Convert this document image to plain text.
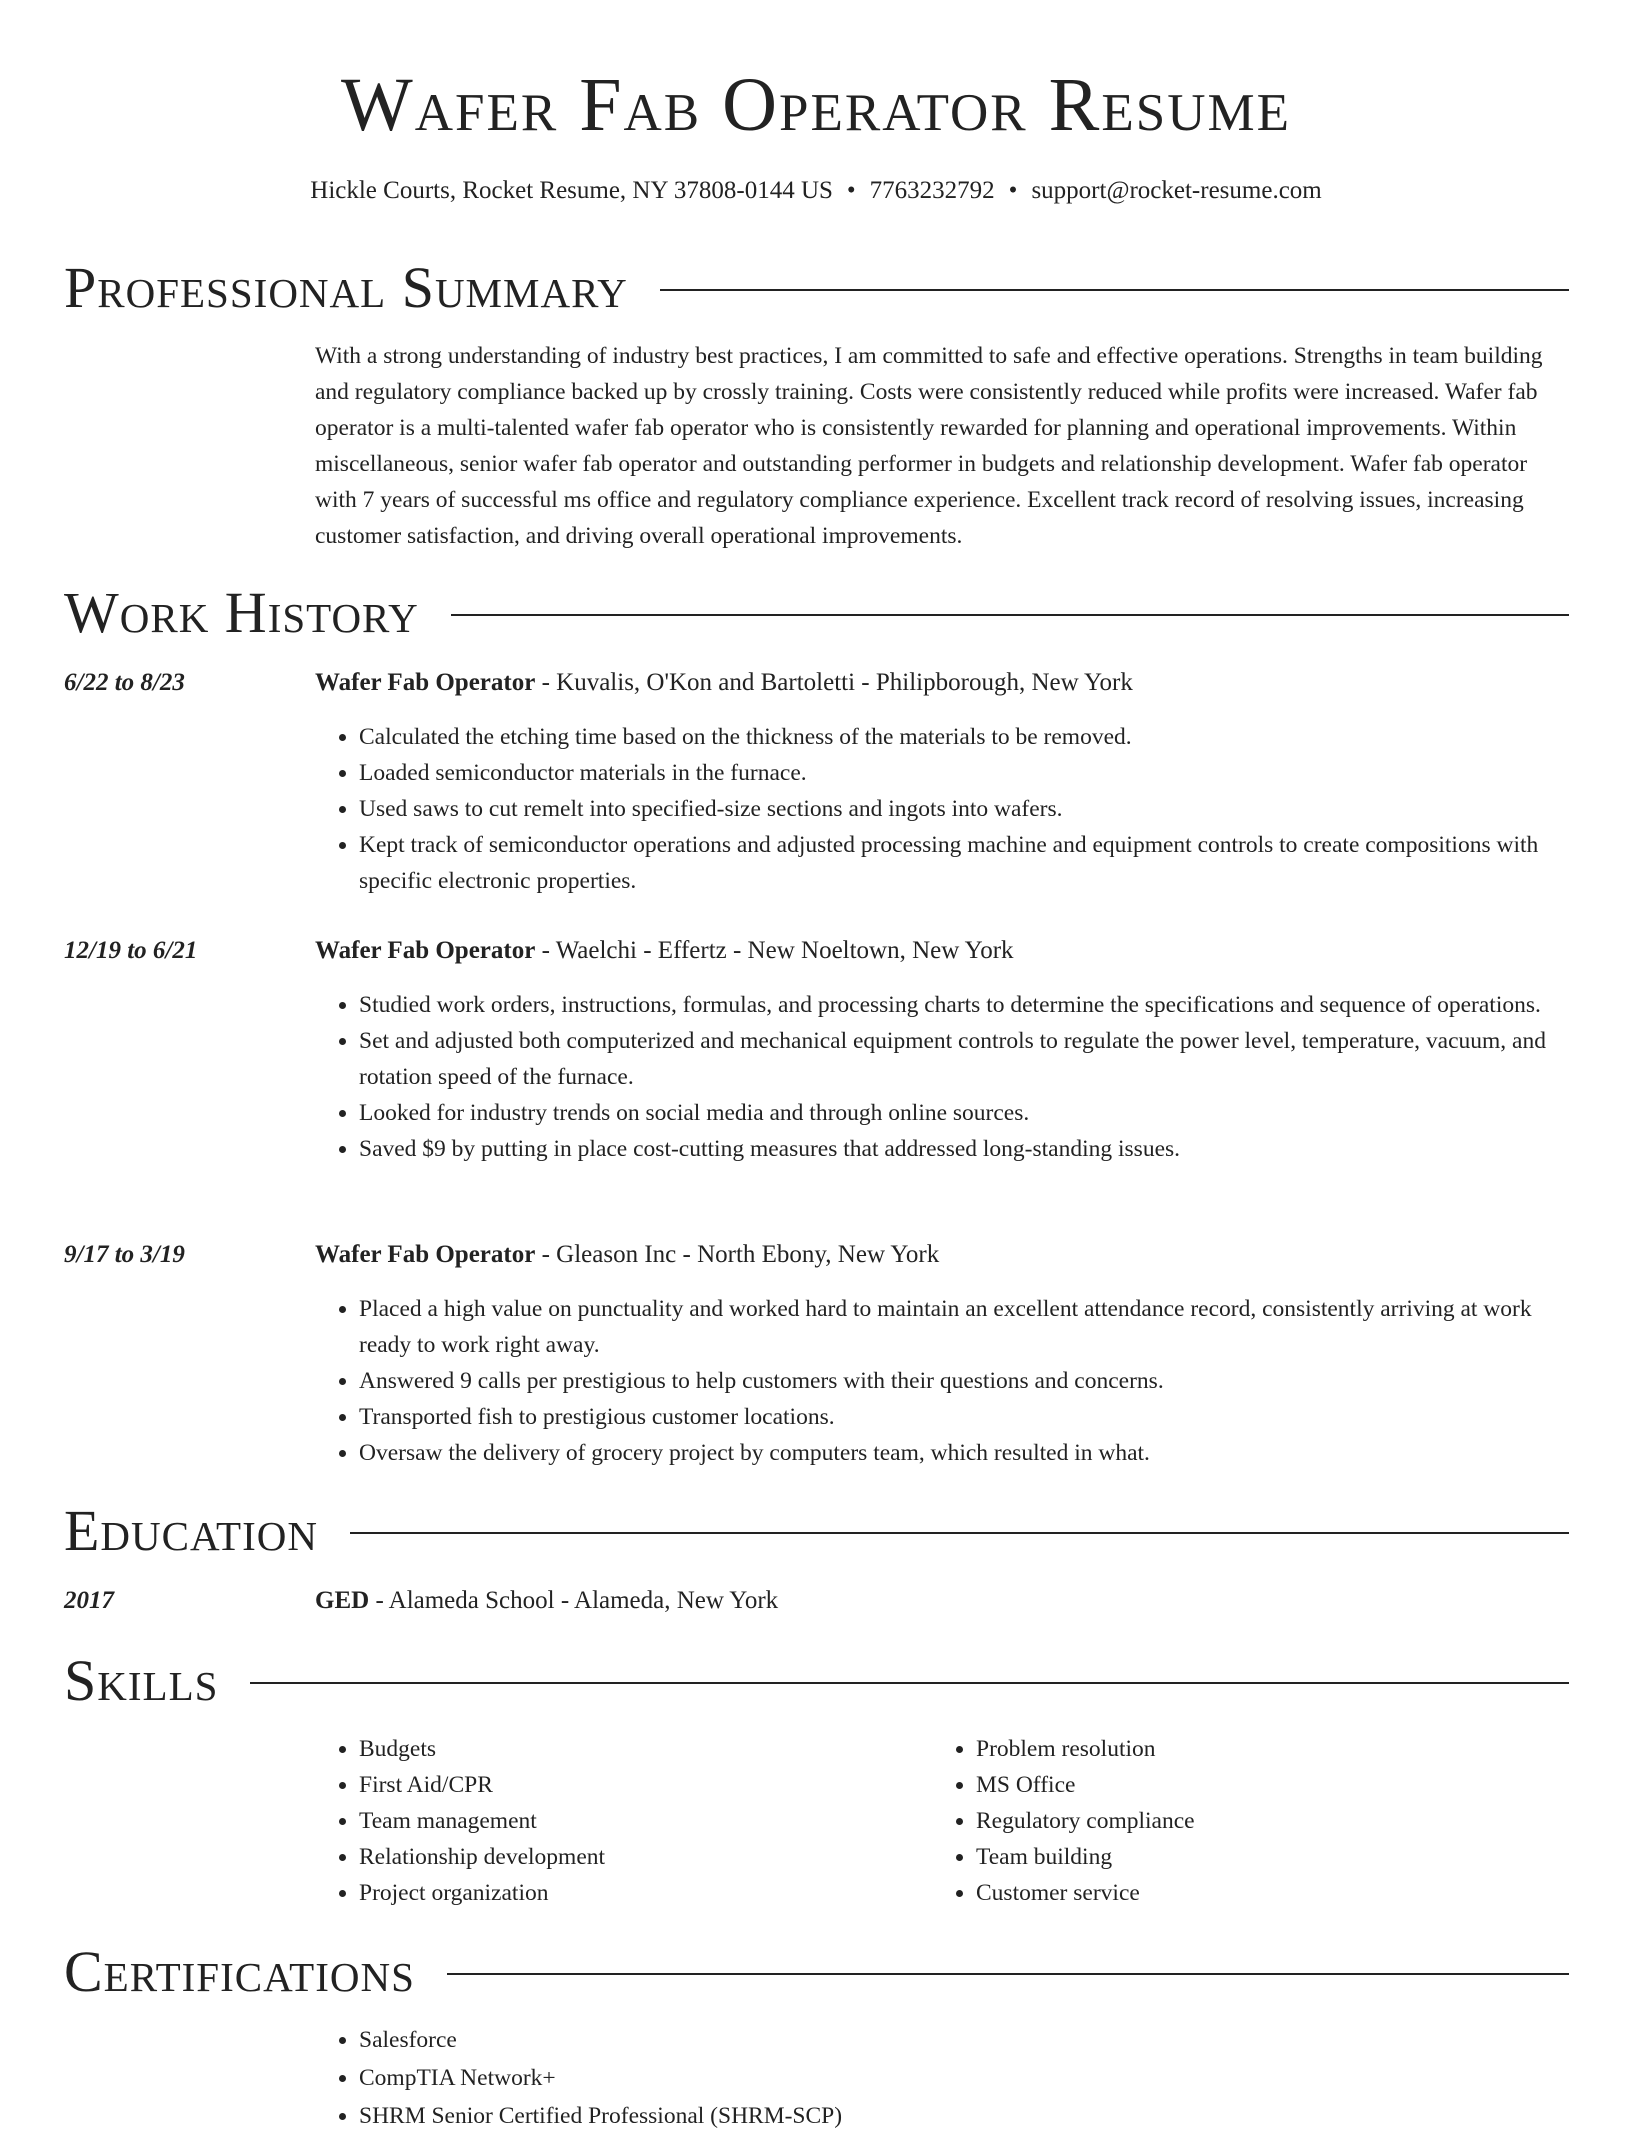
Wafer Fab Operator Resume
Hickle Courts, Rocket Resume, NY 37808-0144 US • 7763232792 • support@rocket-resume.com
Professional Summary

With a strong understanding of industry best practices, I am committed to safe and effective operations. Strengths in team building and regulatory compliance backed up by crossly training. Costs were consistently reduced while profits were increased. Wafer fab operator is a multi-talented wafer fab operator who is consistently rewarded for planning and operational improvements. Within miscellaneous, senior wafer fab operator and outstanding performer in budgets and relationship development. Wafer fab operator with 7 years of successful ms office and regulatory compliance experience. Excellent track record of resolving issues, increasing customer satisfaction, and driving overall operational improvements.

Work History
6/22 to 8/23	Wafer Fab Operator - Kuvalis, O'Kon and Bartoletti - Philipborough, New York
• Calculated the etching time based on the thickness of the materials to be removed.
• Loaded semiconductor materials in the furnace.
• Used saws to cut remelt into specified-size sections and ingots into wafers.
• Kept track of semiconductor operations and adjusted processing machine and equipment controls to create compositions with specific electronic properties.
12/19 to 6/21	Wafer Fab Operator - Waelchi - Effertz - New Noeltown, New York
• Studied work orders, instructions, formulas, and processing charts to determine the specifications and sequence of operations.
• Set and adjusted both computerized and mechanical equipment controls to regulate the power level, temperature, vacuum, and rotation speed of the furnace.
• Looked for industry trends on social media and through online sources.
• Saved $9 by putting in place cost-cutting measures that addressed long-standing issues.
9/17 to 3/19	Wafer Fab Operator - Gleason Inc - North Ebony, New York
• Placed a high value on punctuality and worked hard to maintain an excellent attendance record, consistently arriving at work ready to work right away.
• Answered 9 calls per prestigious to help customers with their questions and concerns.
• Transported fish to prestigious customer locations.
• Oversaw the delivery of grocery project by computers team, which resulted in what.
Education
2017	GED - Alameda School - Alameda, New York
Skills
• Budgets
• First Aid/CPR
• Team management
• Relationship development
• Project organization
• Problem resolution
• MS Office
• Regulatory compliance
• Team building
• Customer service
Certifications
• Salesforce
• CompTIA Network+
• SHRM Senior Certified Professional (SHRM-SCP)
